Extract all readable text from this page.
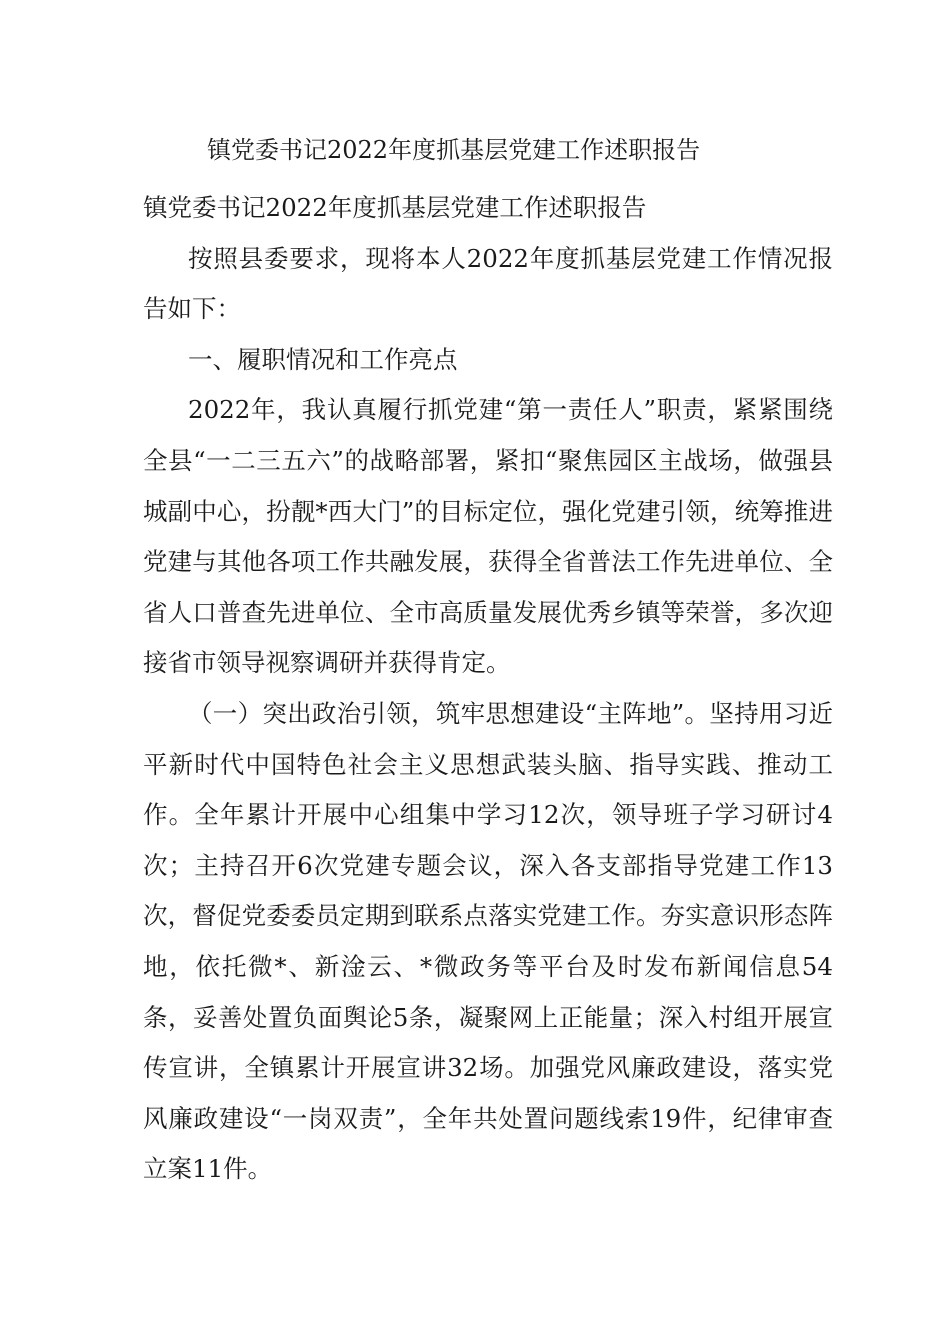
镇党委书记2022年度抓基层党建工作述职报告

镇党委书记2022年度抓基层党建工作述职报告

按照县委要求，现将本人2022年度抓基层党建工作情况报告如下：

一、履职情况和工作亮点

2022年，我认真履行抓党建“第一责任人”职责，紧紧围绕全县“一二三五六”的战略部署，紧扣“聚焦园区主战场，做强县城副中心，扮靓*西大门”的目标定位，强化党建引领，统筹推进党建与其他各项工作共融发展，获得全省普法工作先进单位、全省人口普查先进单位、全市高质量发展优秀乡镇等荣誉，多次迎接省市领导视察调研并获得肯定。

（一）突出政治引领，筑牢思想建设“主阵地”。坚持用习近平新时代中国特色社会主义思想武装头脑、指导实践、推动工作。全年累计开展中心组集中学习12次，领导班子学习研讨4次；主持召开6次党建专题会议，深入各支部指导党建工作13次，督促党委委员定期到联系点落实党建工作。夯实意识形态阵地，依托微*、新淦云、*微政务等平台及时发布新闻信息54条，妥善处置负面舆论5条，凝聚网上正能量；深入村组开展宣传宣讲，全镇累计开展宣讲32场。加强党风廉政建设，落实党风廉政建设“一岗双责”，全年共处置问题线索19件，纪律审查立案11件。
